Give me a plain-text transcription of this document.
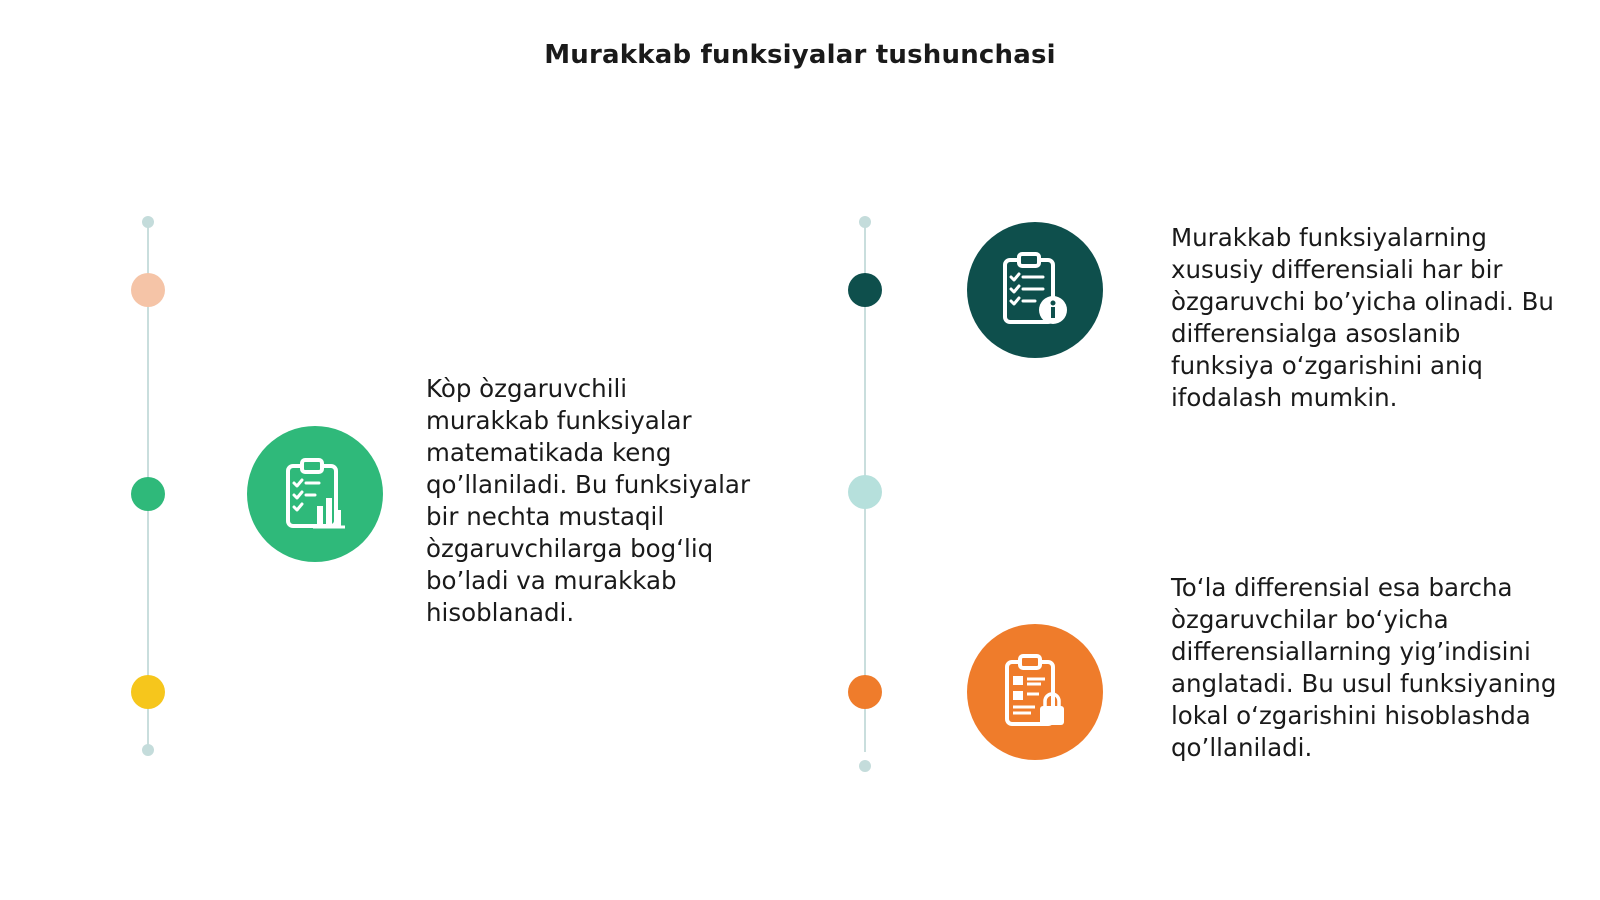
Murakkab funksiyalar tushunchasi
Kòp òzgaruvchili murakkab funksiyalar matematikada keng qo’llaniladi. Bu funksiyalar bir nechta mustaqil òzgaruvchilarga bog‘liq bo’ladi va murakkab hisoblanadi.
Murakkab funksiyalarning xususiy differensiali har bir òzgaruvchi bo’yicha olinadi. Bu differensialga asoslanib funksiya o‘zgarishini aniq ifodalash mumkin.
To‘la differensial esa barcha òzgaruvchilar bo‘yicha differensiallarning yig’indisini anglatadi. Bu usul funksiyaning lokal o‘zgarishini hisoblashda qo’llaniladi.
